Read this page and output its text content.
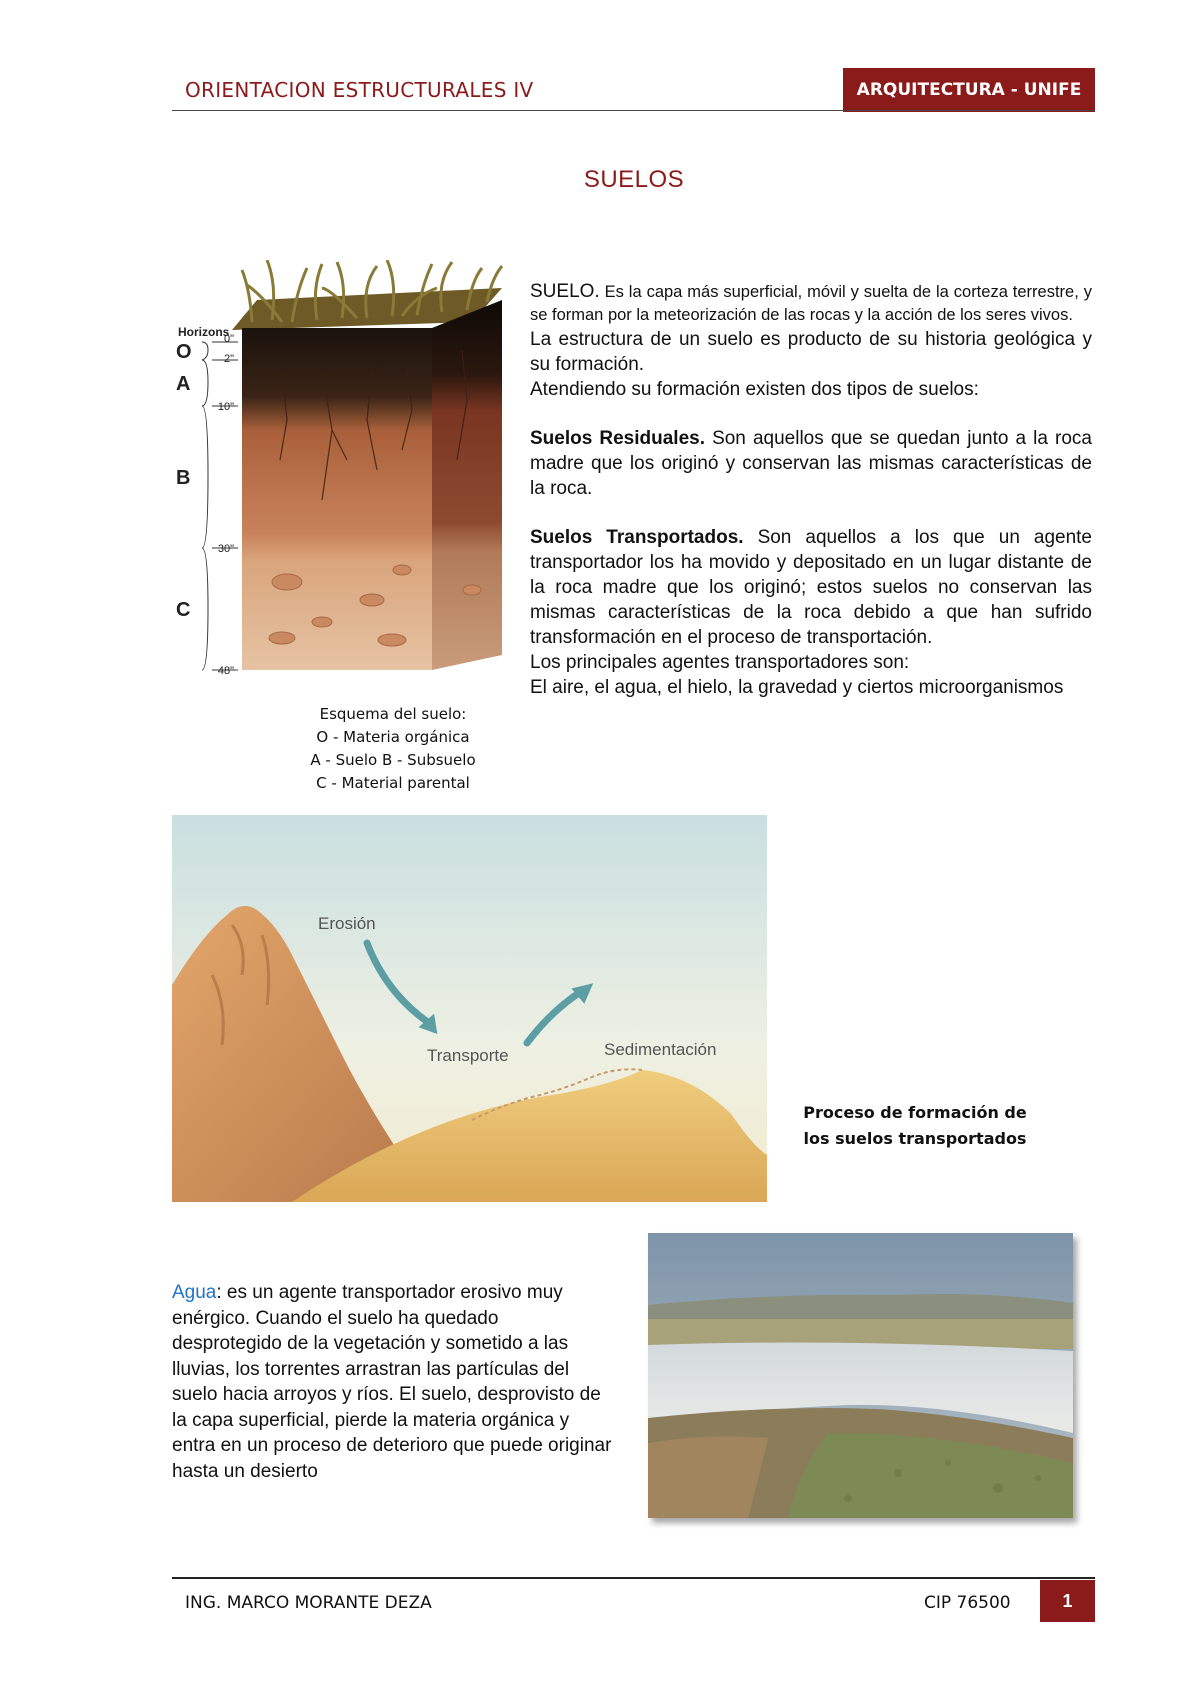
ORIENTACION ESTRUCTURALES IV	ARQUITECTURA - UNIFE
SUELOS
Horizons
0"
2"
10"
30"
48"
O
A
B
C
Esquema del suelo:
O - Materia orgánica
A - Suelo B - Subsuelo
C - Material parental

SUELO. Es la capa más superficial, móvil y suelta de la corteza terrestre, y se forman por la meteorización de las rocas y la acción de los seres vivos.

La estructura de un suelo es producto de su historia geológica y su formación.

Atendiendo su formación existen dos tipos de suelos:

Suelos Residuales. Son aquellos que se quedan junto a la roca madre que los originó y conservan las mismas características de la roca.

Suelos Transportados. Son aquellos a los que un agente transportador los ha movido y depositado en un lugar distante de la roca madre que los originó; estos suelos no conservan las mismas características de la roca debido a que han sufrido transformación en el proceso de transportación.

Los principales agentes transportadores son:

El aire, el agua, el hielo, la gravedad y ciertos microorganismos

Erosión
Transporte	Sedimentación
Proceso de formación de
los suelos transportados
Agua: es un agente transportador erosivo muy enérgico. Cuando el suelo ha quedado desprotegido de la vegetación y sometido a las lluvias, los torrentes arrastran las partículas del suelo hacia arroyos y ríos. El suelo, desprovisto de la capa superficial, pierde la materia orgánica y entra en un proceso de deterioro que puede originar hasta un desierto
ING. MARCO MORANTE DEZA	CIP 76500	1
